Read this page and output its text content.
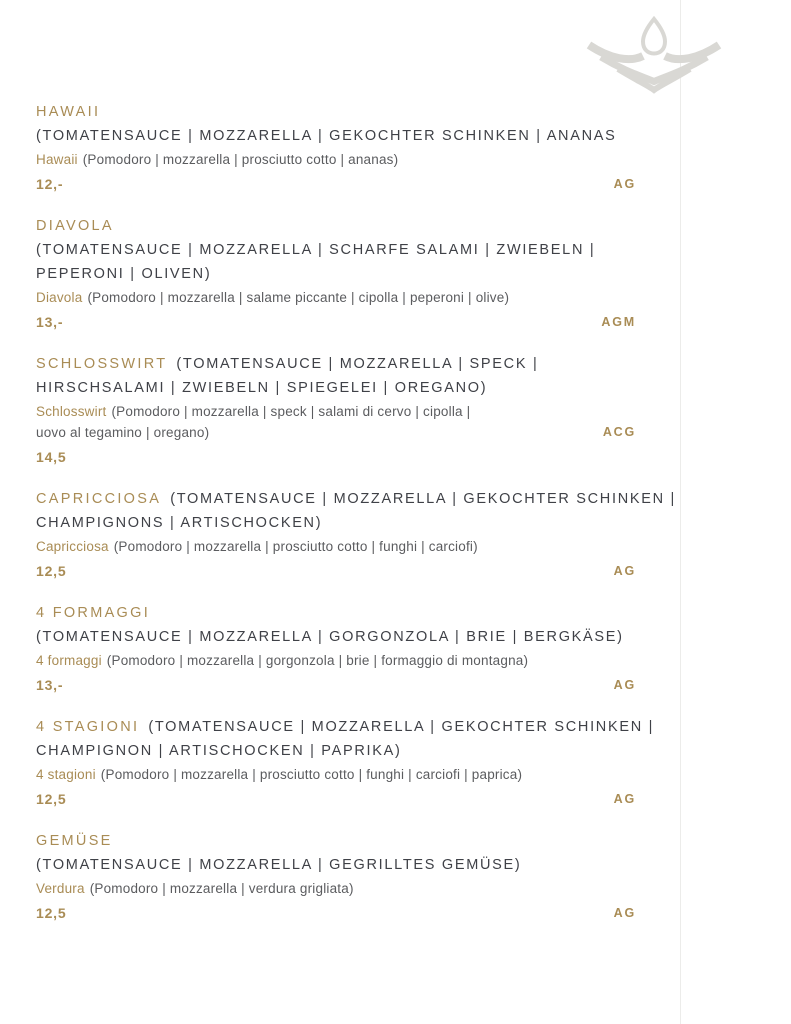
HAWAII
(TOMATENSAUCE | MOZZARELLA | GEKOCHTER SCHINKEN | ANANAS
Hawaii (Pomodoro | mozzarella | prosciutto cotto | ananas)
12,-	AG
DIAVOLA
(TOMATENSAUCE | MOZZARELLA | SCHARFE SALAMI | ZWIEBELN |
PEPERONI | OLIVEN)
Diavola (Pomodoro | mozzarella | salame piccante | cipolla | peperoni | olive)
13,-	AGM
SCHLOSSWIRT (TOMATENSAUCE | MOZZARELLA | SPECK |
HIRSCHSALAMI | ZWIEBELN | SPIEGELEI | OREGANO)
Schlosswirt (Pomodoro | mozzarella | speck | salami di cervo | cipolla |
uovo al tegamino | oregano)	ACG
14,5
CAPRICCIOSA (TOMATENSAUCE | MOZZARELLA | GEKOCHTER SCHINKEN |
CHAMPIGNONS | ARTISCHOCKEN)
Capricciosa (Pomodoro | mozzarella | prosciutto cotto | funghi | carciofi)
12,5	AG
4 FORMAGGI
(TOMATENSAUCE | MOZZARELLA | GORGONZOLA | BRIE | BERGKÄSE)
4 formaggi (Pomodoro | mozzarella | gorgonzola | brie | formaggio di montagna)
13,-	AG
4 STAGIONI (TOMATENSAUCE | MOZZARELLA | GEKOCHTER SCHINKEN |
CHAMPIGNON | ARTISCHOCKEN | PAPRIKA)
4 stagioni (Pomodoro | mozzarella | prosciutto cotto | funghi | carciofi | paprica)
12,5	AG
GEMÜSE
(TOMATENSAUCE | MOZZARELLA | GEGRILLTES GEMÜSE)
Verdura (Pomodoro | mozzarella | verdura grigliata)
12,5	AG
